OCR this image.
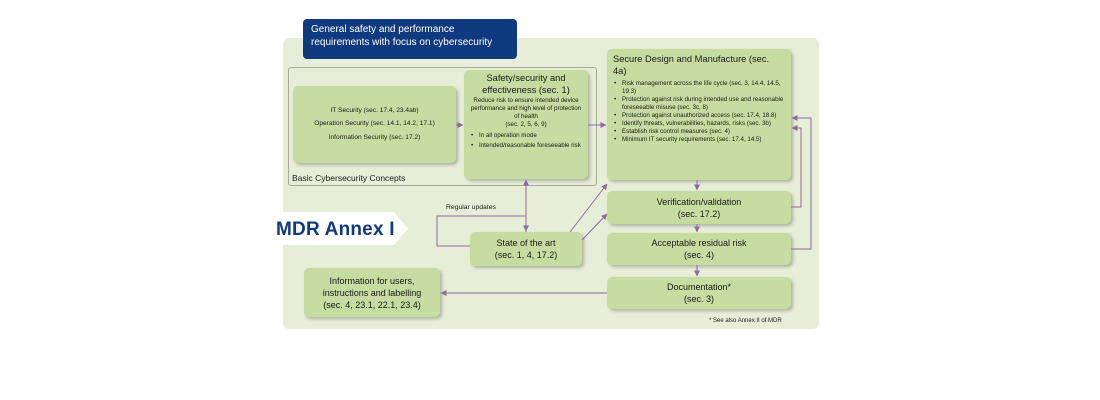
General safety and performance requirements with focus on cybersecurity
Basic Cybersecurity Concepts
IT Security (sec. 17.4, 23.4ab)
Operation Security (sec. 14.1, 14.2, 17.1)
Information Security (sec. 17.2)
Safety/security and effectiveness (sec. 1)
Reduce risk to ensure intended device performance and high level of protection of health
(sec. 2, 5, 6, 9)
• In all operation mode
• Intended/reasonable foreseeable risk
Secure Design and Manufacture (sec. 4a)
• Risk management across the life cycle (sec. 3, 14.4, 14.5, 19.3)
• Protection against risk during intended use and reasonable foreseeable misuse (sec. 3c, 8)
• Protection against unauthorized access (sec. 17.4, 18.8)
• Identify threats, vulnerabilities, hazards, risks (sec. 3b)
• Establish risk control measures (sec. 4)
• Minimum IT security requirements (sec. 17.4, 14.5)
Verification/validation
(sec. 17.2)
Acceptable residual risk
(sec. 4)
Documentation*
(sec. 3)
State of the art
(sec. 1, 4, 17.2)
Information for users,
instructions and labelling
(sec. 4, 23.1, 22.1, 23.4)
MDR Annex I
Regular updates
* See also Annex II of MDR
